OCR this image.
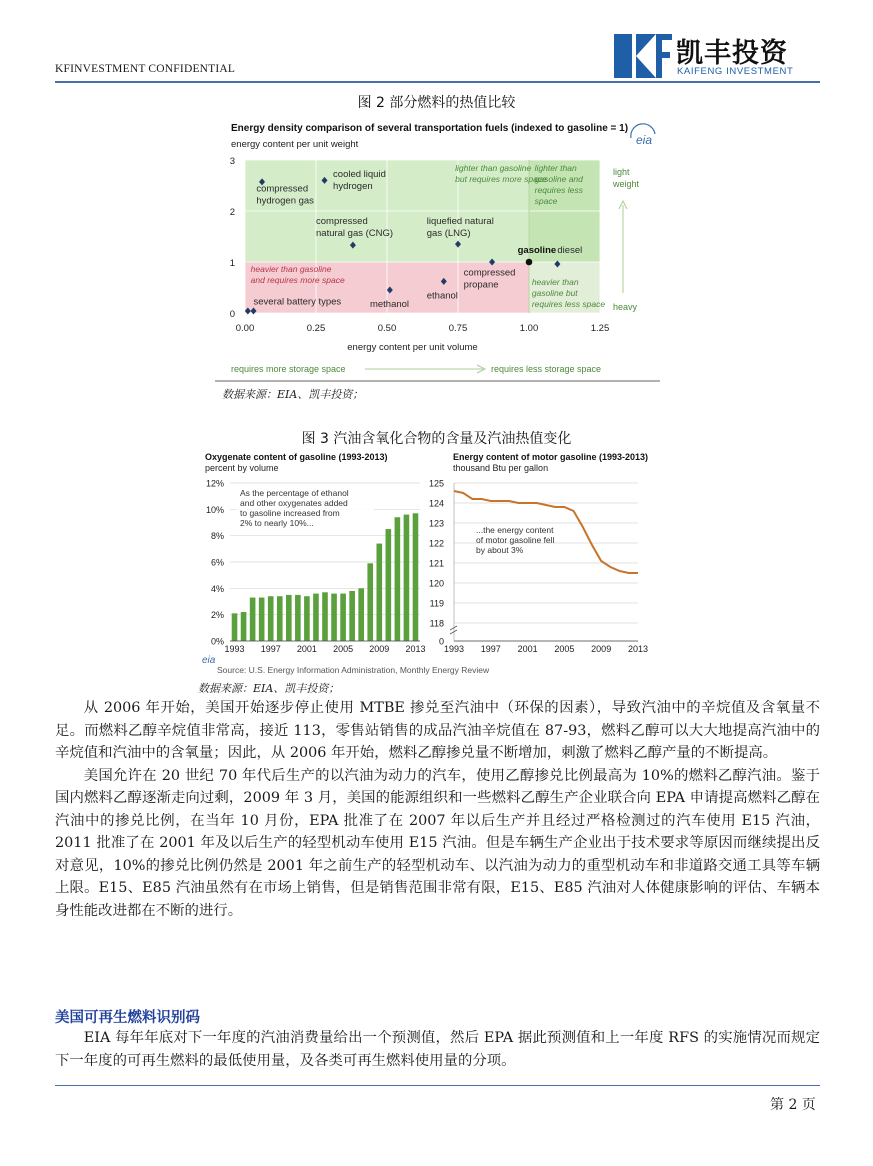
KFINVESTMENT CONFIDENTIAL	凯丰投资
KAIFENG INVESTMENT
图 2 部分燃料的热值比较
Energy density comparison of several transportation fuels (indexed to gasoline = 1)
energy content per unit weight	eia
compressed
hydrogen gas
cooled liquid
hydrogen
compressed
natural gas (CNG)
liquefied natural
gas (LNG)
gasoline diesel
compressed
propane
methanol
ethanol
several battery types
lighter than gasoline
but requires more space
lighter than
gasoline and
requires less
space
heavier than gasoline
and requires more space	heavier than
gasoline but
requires less space
0.00	0.25	0.50	0.75	1.00	1.25
0
1
2
3
energy content per unit volume
light
weight
heavy
requires more storage space	requires less storage space
数据来源：EIA、凯丰投资；
图 3 汽油含氧化合物的含量及汽油热值变化
Oxygenate content of gasoline (1993-2013)
percent by volume
Energy content of motor gasoline (1993-2013)
thousand Btu per gallon
0%
2%
4%
6%
8%
10%
12%
1993 1997 2001 2005 2009 2013
As the percentage of ethanol
and other oxygenates added
to gasoline increased from
2% to nearly 10%...
0
118
119
120
121
122
123
124
125
1993 1997 2001 2005 2009 2013
...the energy content
of motor gasoline fell
by about 3%
Source: U.S. Energy Information Administration, Monthly Energy Review
eia
数据来源：EIA、凯丰投资；

从 2006 年开始，美国开始逐步停止使用 MTBE 掺兑至汽油中（环保的因素），导致汽油中的辛烷值及含氧量不足。而燃料乙醇辛烷值非常高，接近 113，零售站销售的成品汽油辛烷值在 87-93，燃料乙醇可以大大地提高汽油中的辛烷值和汽油中的含氧量；因此，从 2006 年开始，燃料乙醇掺兑量不断增加，刺激了燃料乙醇产量的不断提高。

美国允许在 20 世纪 70 年代后生产的以汽油为动力的汽车，使用乙醇掺兑比例最高为 10%的燃料乙醇汽油。鉴于国内燃料乙醇逐渐走向过剩，2009 年 3 月，美国的能源组织和一些燃料乙醇生产企业联合向 EPA 申请提高燃料乙醇在汽油中的掺兑比例，在当年 10 月份，EPA 批准了在 2007 年以后生产并且经过严格检测过的汽车使用 E15 汽油，2011 批准了在 2001 年及以后生产的轻型机动车使用 E15 汽油。但是车辆生产企业出于技术要求等原因而继续提出反对意见，10%的掺兑比例仍然是 2001 年之前生产的轻型机动车、以汽油为动力的重型机动车和非道路交通工具等车辆上限。E15、E85 汽油虽然有在市场上销售，但是销售范围非常有限，E15、E85 汽油对人体健康影响的评估、车辆本身性能改进都在不断的进行。

美国可再生燃料识别码

EIA 每年年底对下一年度的汽油消费量给出一个预测值，然后 EPA 据此预测值和上一年度 RFS 的实施情况而规定下一年度的可再生燃料的最低使用量，及各类可再生燃料使用量的分项。

第 2 页
